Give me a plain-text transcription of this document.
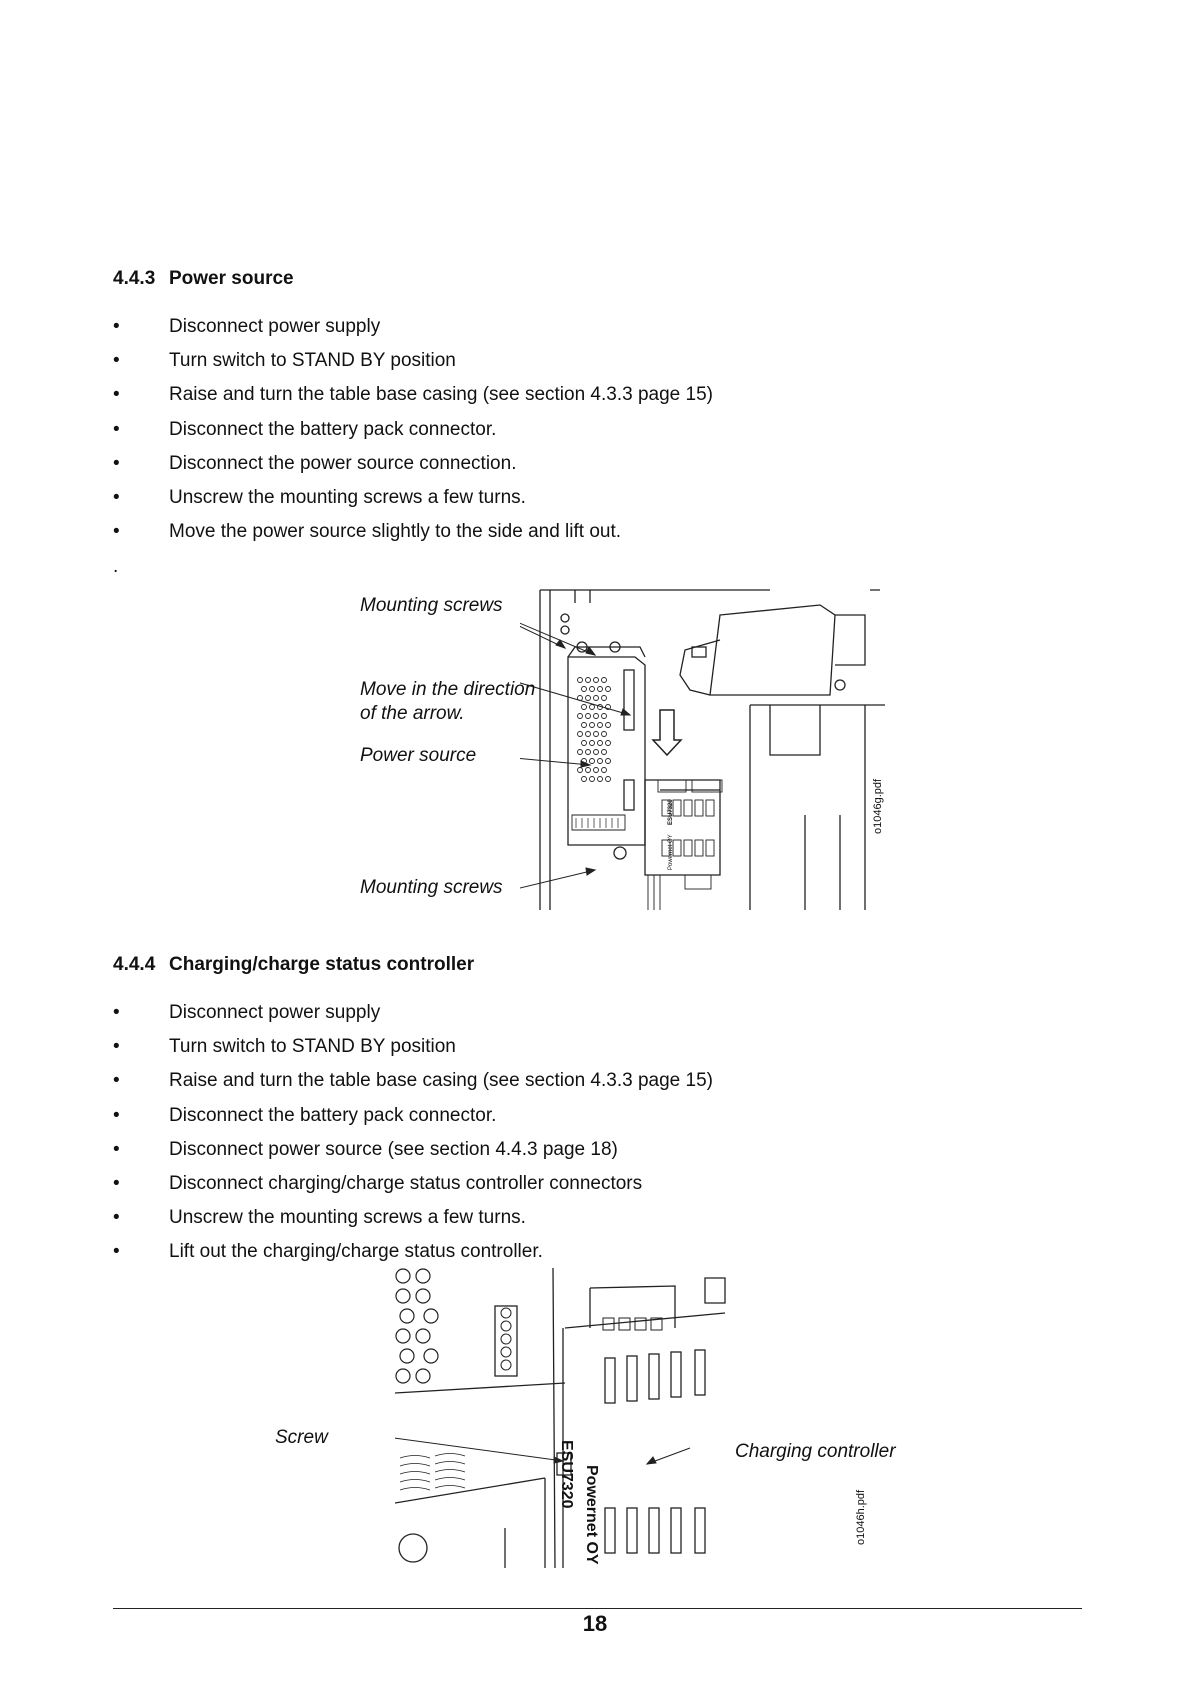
4.4.3 Power source
•	Disconnect power supply
•	Turn switch to STAND BY position
•	Raise and turn the table base casing (see section 4.3.3 page 15)
•	Disconnect the battery pack connector.
•	Disconnect the power source connection.
•	Unscrew the mounting screws a few turns.
•	Move the power source slightly to the side and lift out.
.
Mounting screws
Move in the direction
of the arrow.
Power source
Mounting screws
o1046g.pdf
ESU7320
Powernet OY
4.4.4 Charging/charge status controller
•	Disconnect power supply
•	Turn switch to STAND BY position
•	Raise and turn the table base casing (see section 4.3.3 page 15)
•	Disconnect the battery pack connector.
•	Disconnect power source (see section 4.4.3 page 18)
•	Disconnect charging/charge status controller connectors
•	Unscrew the mounting screws a few turns.
•	Lift out the charging/charge status controller.
Screw
Charging controller
ESU7320 Powernet OY	o1046h.pdf
18
